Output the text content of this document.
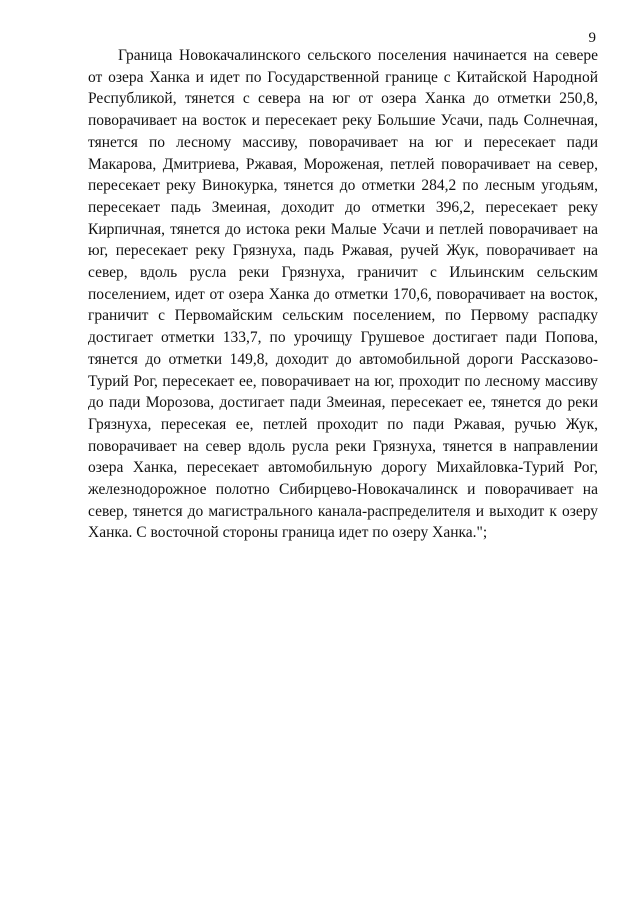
9

Граница Новокачалинского сельского поселения начинается на севере от озера Ханка и идет по Государственной границе с Китайской Народной Республикой, тянется с севера на юг от озера Ханка до отметки 250,8, поворачивает на восток и пересекает реку Большие Усачи, падь Солнечная, тянется по лесному массиву, поворачивает на юг и пересекает пади Макарова, Дмитриева, Ржавая, Мороженая, петлей поворачивает на север, пересекает реку Винокурка, тянется до отметки 284,2 по лесным угодьям, пересекает падь Змеиная, доходит до отметки 396,2, пересекает реку Кирпичная, тянется до истока реки Малые Усачи и петлей поворачивает на юг, пересекает реку Грязнуха, падь Ржавая, ручей Жук, поворачивает на север, вдоль русла реки Грязнуха, граничит с Ильинским сельским поселением, идет от озера Ханка до отметки 170,6, поворачивает на восток, граничит с Первомайским сельским поселением, по Первому распадку достигает отметки 133,7, по урочищу Грушевое достигает пади Попова, тянется до отметки 149,8, доходит до автомобильной дороги Рассказово-Турий Рог, пересекает ее, поворачивает на юг, проходит по лесному массиву до пади Морозова, достигает пади Змеиная, пересекает ее, тянется до реки Грязнуха, пересекая ее, петлей проходит по пади Ржавая, ручью Жук, поворачивает на север вдоль русла реки Грязнуха, тянется в направлении озера Ханка, пересекает автомобильную дорогу Михайловка-Турий Рог, железнодорожное полотно Сибирцево-Новокачалинск и поворачивает на север, тянется до магистрального канала-распределителя и выходит к озеру Ханка. С восточной стороны граница идет по озеру Ханка.";
